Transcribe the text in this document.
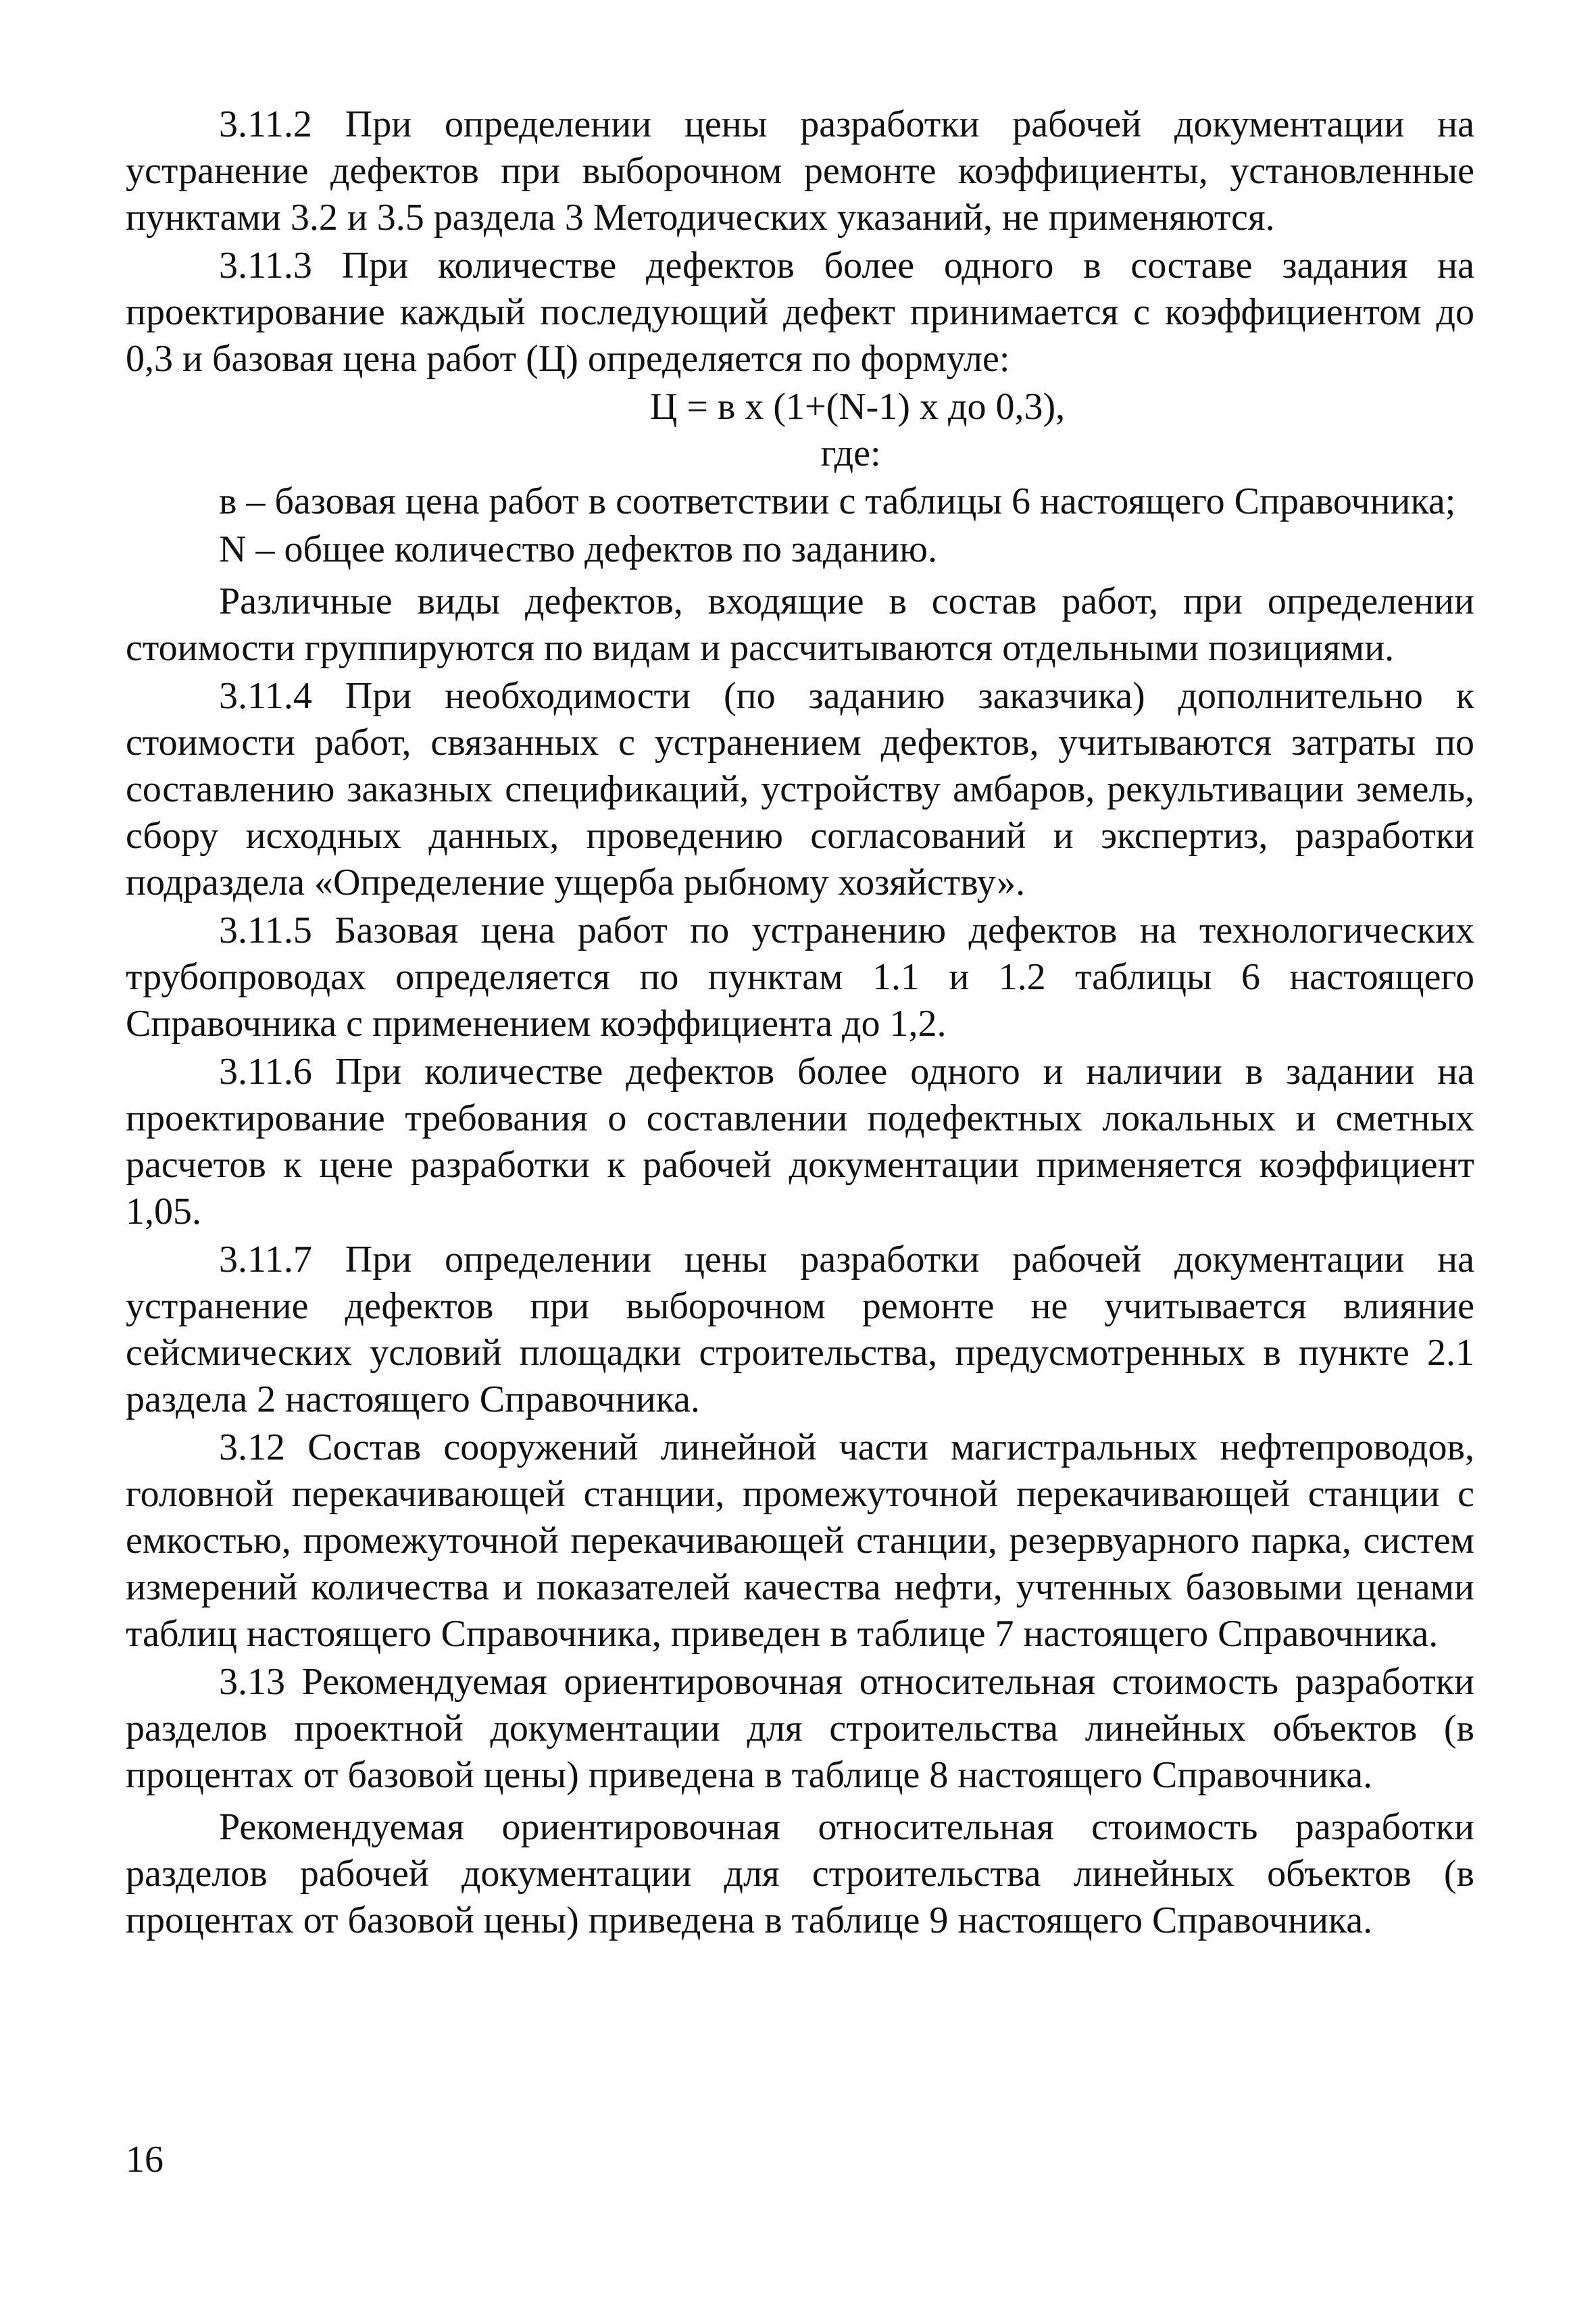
3.11.2 При определении цены разработки рабочей документации на устранение дефектов при выборочном ремонте коэффициенты, установленные пунктами 3.2 и 3.5 раздела 3 Методических указаний, не применяются.

3.11.3 При количестве дефектов более одного в составе задания на проектирование каждый последующий дефект принимается с коэффициентом до 0,3 и базовая цена работ (Ц) определяется по формуле:

Ц = в х (1+(N-1) х до 0,3),

где:

в – базовая цена работ в соответствии с таблицы 6 настоящего Справочника;

N – общее количество дефектов по заданию.

Различные виды дефектов, входящие в состав работ, при определении стоимости группируются по видам и рассчитываются отдельными позициями.

3.11.4 При необходимости (по заданию заказчика) дополнительно к стоимости работ, связанных с устранением дефектов, учитываются затраты по составлению заказных спецификаций, устройству амбаров, рекультивации земель, сбору исходных данных, проведению согласований и экспертиз, разработки подраздела «Определение ущерба рыбному хозяйству».

3.11.5 Базовая цена работ по устранению дефектов на технологических трубопроводах определяется по пунктам 1.1 и 1.2 таблицы 6 настоящего Справочника с применением коэффициента до 1,2.

3.11.6 При количестве дефектов более одного и наличии в задании на проектирование требования о составлении подефектных локальных и сметных расчетов к цене разработки к рабочей документации применяется коэффициент 1,05.

3.11.7 При определении цены разработки рабочей документации на устранение дефектов при выборочном ремонте не учитывается влияние сейсмических условий площадки строительства, предусмотренных в пункте 2.1 раздела 2 настоящего Справочника.

3.12 Состав сооружений линейной части магистральных нефтепроводов, головной перекачивающей станции, промежуточной перекачивающей станции с емкостью, промежуточной перекачивающей станции, резервуарного парка, систем измерений количества и показателей качества нефти, учтенных базовыми ценами таблиц настоящего Справочника, приведен в таблице 7 настоящего Справочника.

3.13 Рекомендуемая ориентировочная относительная стоимость разработки разделов проектной документации для строительства линейных объектов (в процентах от базовой цены) приведена в таблице 8 настоящего Справочника.

Рекомендуемая ориентировочная относительная стоимость разработки разделов рабочей документации для строительства линейных объектов (в процентах от базовой цены) приведена в таблице 9 настоящего Справочника.

16
